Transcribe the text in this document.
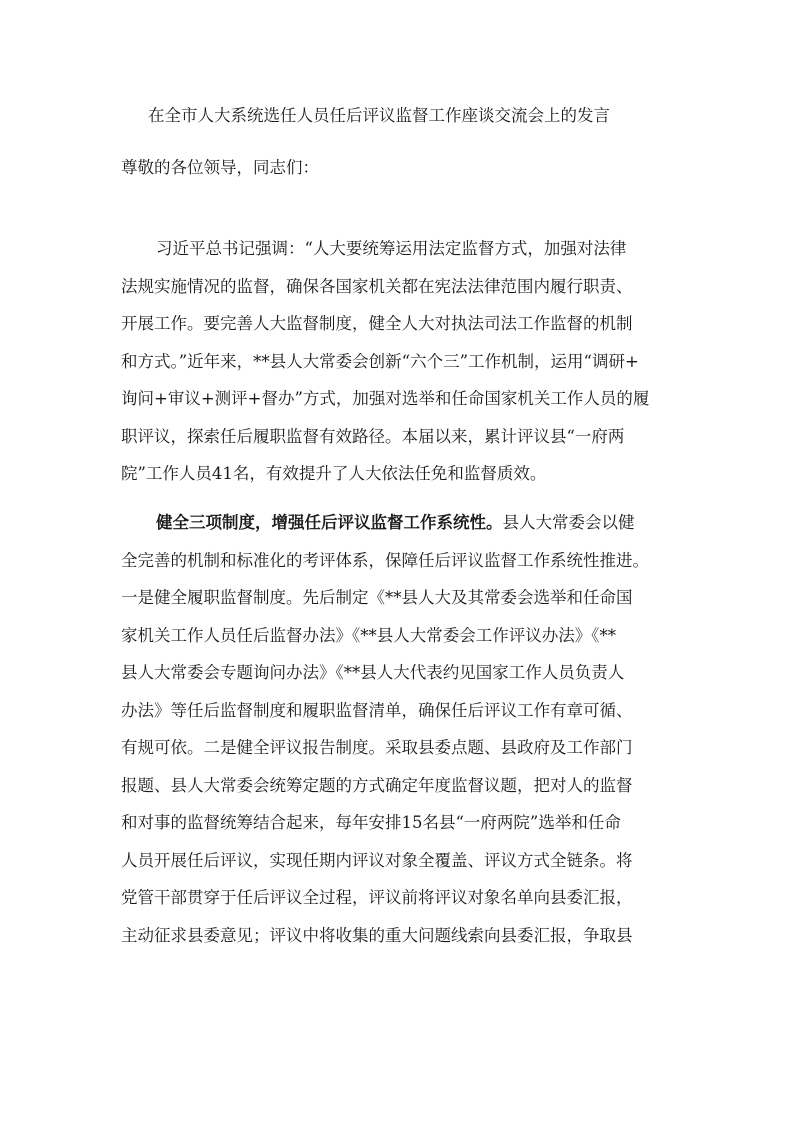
在全市人大系统选任人员任后评议监督工作座谈交流会上的发言
尊敬的各位领导，同志们：
习近平总书记强调：“人大要统筹运用法定监督方式，加强对法律
法规实施情况的监督，确保各国家机关都在宪法法律范围内履行职责、
开展工作。要完善人大监督制度，健全人大对执法司法工作监督的机制
和方式。”近年来，**县人大常委会创新“六个三”工作机制，运用“调研+
询问+审议+测评+督办”方式，加强对选举和任命国家机关工作人员的履
职评议，探索任后履职监督有效路径。本届以来，累计评议县“一府两
院”工作人员41名，有效提升了人大依法任免和监督质效。
健全三项制度，增强任后评议监督工作系统性。县人大常委会以健
全完善的机制和标准化的考评体系，保障任后评议监督工作系统性推进。
一是健全履职监督制度。先后制定《**县人大及其常委会选举和任命国
家机关工作人员任后监督办法》《**县人大常委会工作评议办法》《**
县人大常委会专题询问办法》《**县人大代表约见国家工作人员负责人
办法》等任后监督制度和履职监督清单，确保任后评议工作有章可循、
有规可依。二是健全评议报告制度。采取县委点题、县政府及工作部门
报题、县人大常委会统筹定题的方式确定年度监督议题，把对人的监督
和对事的监督统筹结合起来，每年安排15名县“一府两院”选举和任命
人员开展任后评议，实现任期内评议对象全覆盖、评议方式全链条。将
党管干部贯穿于任后评议全过程，评议前将评议对象名单向县委汇报，
主动征求县委意见；评议中将收集的重大问题线索向县委汇报，争取县
